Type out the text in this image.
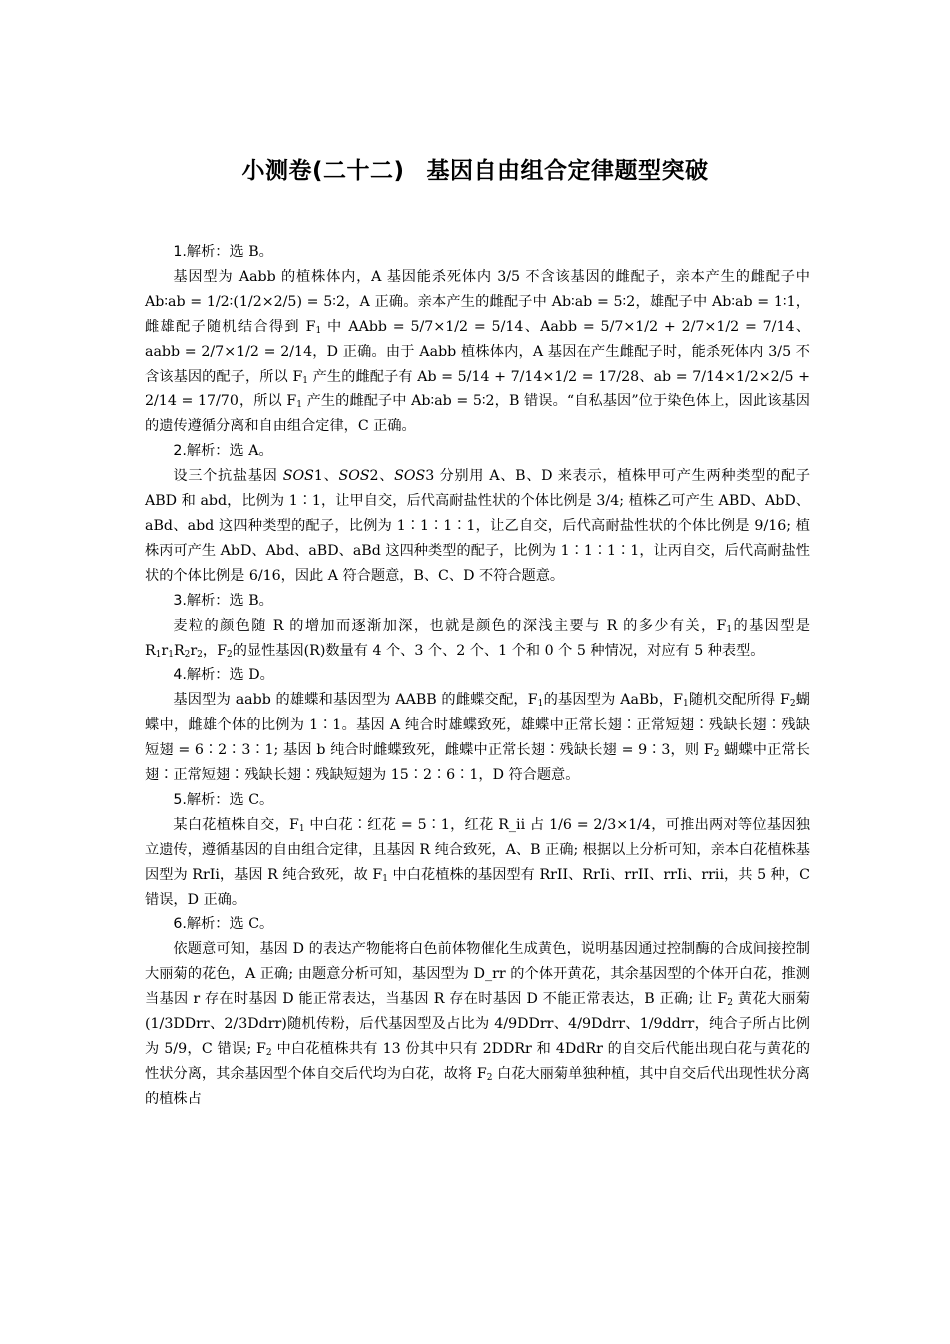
小测卷(二十二) 基因自由组合定律题型突破

1.解析：选 B。

基因型为 Aabb 的植株体内，A 基因能杀死体内 3/5 不含该基因的雌配子，亲本产生的雌配子中 Ab∶ab = 1/2∶(1/2×2/5) = 5∶2，A 正确。亲本产生的雌配子中 Ab∶ab = 5∶2，雄配子中 Ab∶ab = 1∶1，雌雄配子随机结合得到 $F_1$ 中 AAbb = 5/7×1/2 = 5/14、Aabb = 5/7×1/2 + 2/7×1/2 = 7/14、aabb = 2/7×1/2 = 2/14，D 正确。由于 Aabb 植株体内，A 基因在产生雌配子时，能杀死体内 3/5 不含该基因的配子，所以 $F_1$ 产生的雌配子有 Ab = 5/14 + 7/14×1/2 = 17/28、ab = 7/14×1/2×2/5 + 2/14 = 17/70，所以 $F_1$ 产生的雌配子中 Ab∶ab = 5∶2，B 错误。“自私基因”位于染色体上，因此该基因的遗传遵循分离和自由组合定律，C 正确。

2.解析：选 A。

设三个抗盐基因 SOS1、SOS2、SOS3 分别用 A、B、D 来表示，植株甲可产生两种类型的配子 ABD 和 abd，比例为 1∶1，让甲自交，后代高耐盐性状的个体比例是 3/4; 植株乙可产生 ABD、AbD、aBd、abd 这四种类型的配子，比例为 1∶1∶1∶1，让乙自交，后代高耐盐性状的个体比例是 9/16; 植株丙可产生 AbD、Abd、aBD、aBd 这四种类型的配子，比例为 1∶1∶1∶1，让丙自交，后代高耐盐性状的个体比例是 6/16，因此 A 符合题意，B、C、D 不符合题意。

3.解析：选 B。

麦粒的颜色随 R 的增加而逐渐加深，也就是颜色的深浅主要与 R 的多少有关，$F_1$的基因型是 $R_1r_1R_2r_2$，$F_2$的显性基因(R)数量有 4 个、3 个、2 个、1 个和 0 个 5 种情况，对应有 5 种表型。

4.解析：选 D。

基因型为 aabb 的雄蝶和基因型为 AABB 的雌蝶交配，$F_1$的基因型为 AaBb，$F_1$随机交配所得 $F_2$蝴蝶中，雌雄个体的比例为 1∶1。基因 A 纯合时雄蝶致死，雄蝶中正常长翅∶正常短翅∶残缺长翅∶残缺短翅 = 6∶2∶3∶1; 基因 b 纯合时雌蝶致死，雌蝶中正常长翅∶残缺长翅 = 9∶3，则 $F_2$ 蝴蝶中正常长翅∶正常短翅∶残缺长翅∶残缺短翅为 15∶2∶6∶1，D 符合题意。

5.解析：选 C。

某白花植株自交，$F_1$ 中白花∶红花 = 5∶1，红花 R_ii 占 1/6 = 2/3×1/4，可推出两对等位基因独立遗传，遵循基因的自由组合定律，且基因 R 纯合致死，A、B 正确; 根据以上分析可知，亲本白花植株基因型为 RrIi，基因 R 纯合致死，故 $F_1$ 中白花植株的基因型有 RrII、RrIi、rrII、rrIi、rrii，共 5 种，C 错误，D 正确。

6.解析：选 C。

依题意可知，基因 D 的表达产物能将白色前体物催化生成黄色，说明基因通过控制酶的合成间接控制大丽菊的花色，A 正确; 由题意分析可知，基因型为 D_rr 的个体开黄花，其余基因型的个体开白花，推测当基因 r 存在时基因 D 能正常表达，当基因 R 存在时基因 D 不能正常表达，B 正确; 让 $F_2$ 黄花大丽菊(1/3DDrr、2/3Ddrr)随机传粉，后代基因型及占比为 4/9DDrr、4/9Ddrr、1/9ddrr，纯合子所占比例为 5/9，C 错误; $F_2$ 中白花植株共有 13 份其中只有 2DDRr 和 4DdRr 的自交后代能出现白花与黄花的性状分离，其余基因型个体自交后代均为白花，故将 $F_2$ 白花大丽菊单独种植，其中自交后代出现性状分离的植株占
